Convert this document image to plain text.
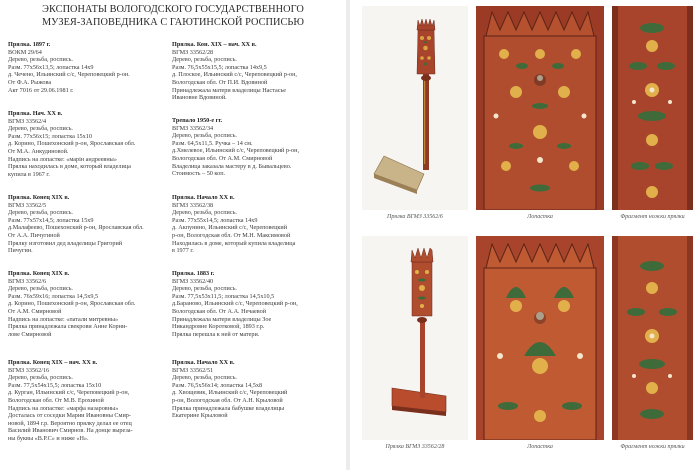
ЭКСПОНАТЫ ВОЛОГОДСКОГО ГОСУДАРСТВЕННОГО
МУЗЕЯ-ЗАПОВЕДНИКА С ГАЮТИНСКОЙ РОСПИСЬЮ
Прялка. 1897 г.
ВОКМ 29/64
Дерево, резьба, роспись.
Разм. 77х56х13,5; лопастка 14х9
д. Чечено, Ильинский с/с, Череповецкий р-он.
От Ф.А. Рыжова
Акт 7016 от 29.06.1981 г.
Прялка. Нач. XX в.
ВГМЗ 33562/4
Дерево, резьба, роспись.
Разм. 77х56х15; лопастка 15х10
д. Корино, Пошехонский р-он, Ярославская обл.
От М.А. Анкудиновой.
Надпись на лопастке: «марiн андреевны»
Прялка находилась в доме, который владелица
купила в 1967 г.
Прялка. Конец XIX в.
ВГМЗ 33562/5
Дерево, резьба, роспись.
Разм. 77х57х14,5; лопастка 15х9
д.Малафеево, Пошехонский р-он, Ярославская обл.
От А.А. Пичугиной
Прялку изготовил дед владелицы Григорий
Пичугин.
Прялка. Конец XIX в.
ВГМЗ 33562/6
Дерево, резьба, роспись.
Разм. 76х59х16; лопастка 14,5х9,5
д. Корино, Пошехонский р-он, Ярославская обл.
От А.М. Смирновой
Надпись на лопастке: «патали митревны»
Прялка принадлежала свекрови Анне Корни-
лове Смирновой
Прялка. Конец XIX – нач. XX в.
ВГМЗ 33562/16
Дерево, резьба, роспись.
Разм. 77,5х54х15,5; лопастка 15х10
д. Курган, Ильинский с/с, Череповецкий р-он,
Вологодская обл. От М.В. Ерохиной
Надпись на лопастке: «марфа назаровны»
Досталась от соседки Марии Ивановны Смир-
новой, 1894 г.р. Вероятно прялку делал ее отец
Василий Иванович Смирнов. На донце выреза-
ны буквы «В.Р.С» и ниже «Н».
Прялка. Кон. XIX – нач. XX в.
ВГМЗ 33562/28
Дерево, резьба, роспись.
Разм. 76,5х55х15,5; лопастка 14х9,5
д. Плоское, Ильинский с/с, Череповецкий р-он,
Вологодская обл. От П.И. Вдовиной
Принадлежала матери владелицы Настасье
Ивановне Вдовиной.
Трепало 1950-е гг.
ВГМЗ 33562/34
Дерево, резьба, роспись.
Разм. 64,5х11,5. Ручка – 14 см.
д.Хмелевое, Ильинский с/с, Череповецкий р-он,
Вологодская обл. От А.М. Смирновой
Владелица заказала мастеру в д. Бывальцево.
Стоимость – 50 коп.
Прялка. Начало XX в.
ВГМЗ 33562/38
Дерево, резьба, роспись.
Разм. 77х55х14,5; лопастка 14х9
д. Акпунино, Ильинский с/с, Череповецкий
р-он, Вологодская обл. От М.Н. Максимовой
Находилась в доме, который купила владелица
в 1977 г.
Прялка. 1883 г.
ВГМЗ 33562/40
Дерево, резьба, роспись.
Разм. 77,5х53х11,5; лопастка 14,5х10,5
д.Бараново, Ильинский с/с, Череповецкий р-он,
Вологодская обл. От А.А. Нечаевой
Принадлежала матери владелицы Зое
Никандровне Коротковой, 1893 г.р.
Прялка перешла к ней от матери.
Прялка. Начало XX в.
ВГМЗ 33562/51
Дерево, резьба, роспись.
Разм. 76,5х56х14; лопастка 14,5х8
д. Хвощевик, Ильинский с/с, Череповецкий
р-он, Вологодская обл. От А.Н. Крыловой
Прялка принадлежала бабушке владелицы
Екатерине Крыловой
Прялка ВГМЗ 33562/6	Лопастка	Фрагмент ножки прялки
Прялка ВГМЗ 33562/28	Лопастка	Фрагмент ножки прялки
